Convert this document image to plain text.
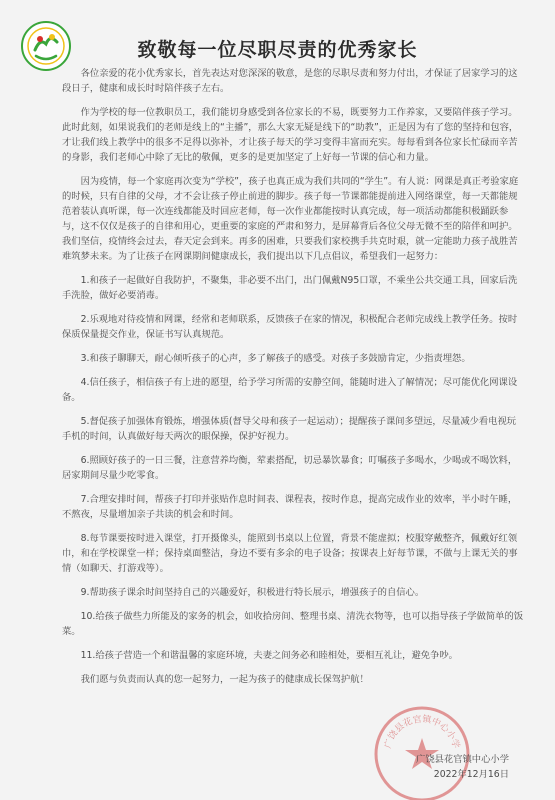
致敬每一位尽职尽责的优秀家长

各位亲爱的花小优秀家长，首先表达对您深深的敬意，是您的尽职尽责和努力付出，才保证了居家学习的这段日子，健康和成长时时陪伴孩子左右。

作为学校的每一位教职员工，我们能切身感受到各位家长的不易，既要努力工作养家，又要陪伴孩子学习。此时此刻，如果说我们的老师是线上的“主播”，那么大家无疑是线下的“助教”，正是因为有了您的坚持和包容，才让我们线上教学中的很多不足得以弥补，才让孩子每天的学习变得丰富而充实。每每看到各位家长忙碌而辛苦的身影，我们老师心中除了无比的敬佩，更多的是更加坚定了上好每一节课的信心和力量。

因为疫情，每一个家庭再次变为“学校”，孩子也真正成为我们共同的“学生”。有人说：网课是真正考验家庭的时候，只有自律的父母，才不会让孩子停止前进的脚步。孩子每一节课都能提前进入网络课堂，每一天都能规范着装认真听课，每一次连线都能及时回应老师，每一次作业都能按时认真完成，每一项活动都能积极踊跃参与，这不仅仅是孩子的自律和用心，更重要的家庭的严肃和努力，是屏幕背后各位父母无微不至的陪伴和呵护。我们坚信，疫情终会过去，春天定会到来。再多的困难，只要我们家校携手共克时艰，就一定能助力孩子战胜苦难筑梦未来。为了让孩子在网课期间健康成长，我们提出以下几点倡议，希望我们一起努力：

1.和孩子一起做好自我防护，不聚集，非必要不出门，出门佩戴N95口罩，不乘坐公共交通工具，回家后洗手洗脸，做好必要消毒。

2.乐观地对待疫情和网课，经常和老师联系，反馈孩子在家的情况，积极配合老师完成线上教学任务。按时保质保量提交作业，保证书写认真规范。

3.和孩子聊聊天，耐心倾听孩子的心声，多了解孩子的感受。对孩子多鼓励肯定，少指责埋怨。

4.信任孩子，相信孩子有上进的愿望，给予学习所需的安静空间，能随时进入了解情况；尽可能优化网课设备。

5.督促孩子加强体育锻炼，增强体质(督导父母和孩子一起运动）；提醒孩子课间多望远，尽量减少看电视玩手机的时间，认真做好每天两次的眼保操，保护好视力。

6.照顾好孩子的一日三餐，注意营养均衡，荤素搭配，切忌暴饮暴食；叮嘱孩子多喝水，少喝或不喝饮料，居家期间尽量少吃零食。

7.合理安排时间，帮孩子打印并张贴作息时间表、课程表，按时作息，提高完成作业的效率，半小时午睡，不熬夜，尽量增加亲子共读的机会和时间。

8.每节课要按时进入课堂，打开摄像头，能照到书桌以上位置，背景不能虚拟；校服穿戴整齐，佩戴好红领巾，和在学校课堂一样；保持桌面整洁，身边不要有多余的电子设备；按课表上好每节课，不做与上课无关的事情（如聊天、打游戏等）。

9.帮助孩子课余时间坚持自己的兴趣爱好，积极进行特长展示，增强孩子的自信心。

10.给孩子做些力所能及的家务的机会，如收拾房间、整理书桌、清洗衣物等，也可以指导孩子学做简单的饭菜。

11.给孩子营造一个和谐温馨的家庭环境，夫妻之间务必和睦相处，要相互礼让，避免争吵。

我们愿与负责而认真的您一起努力，一起为孩子的健康成长保驾护航！

广饶县花官镇中心小学
广饶县花官镇中心小学
2022年12月16日
